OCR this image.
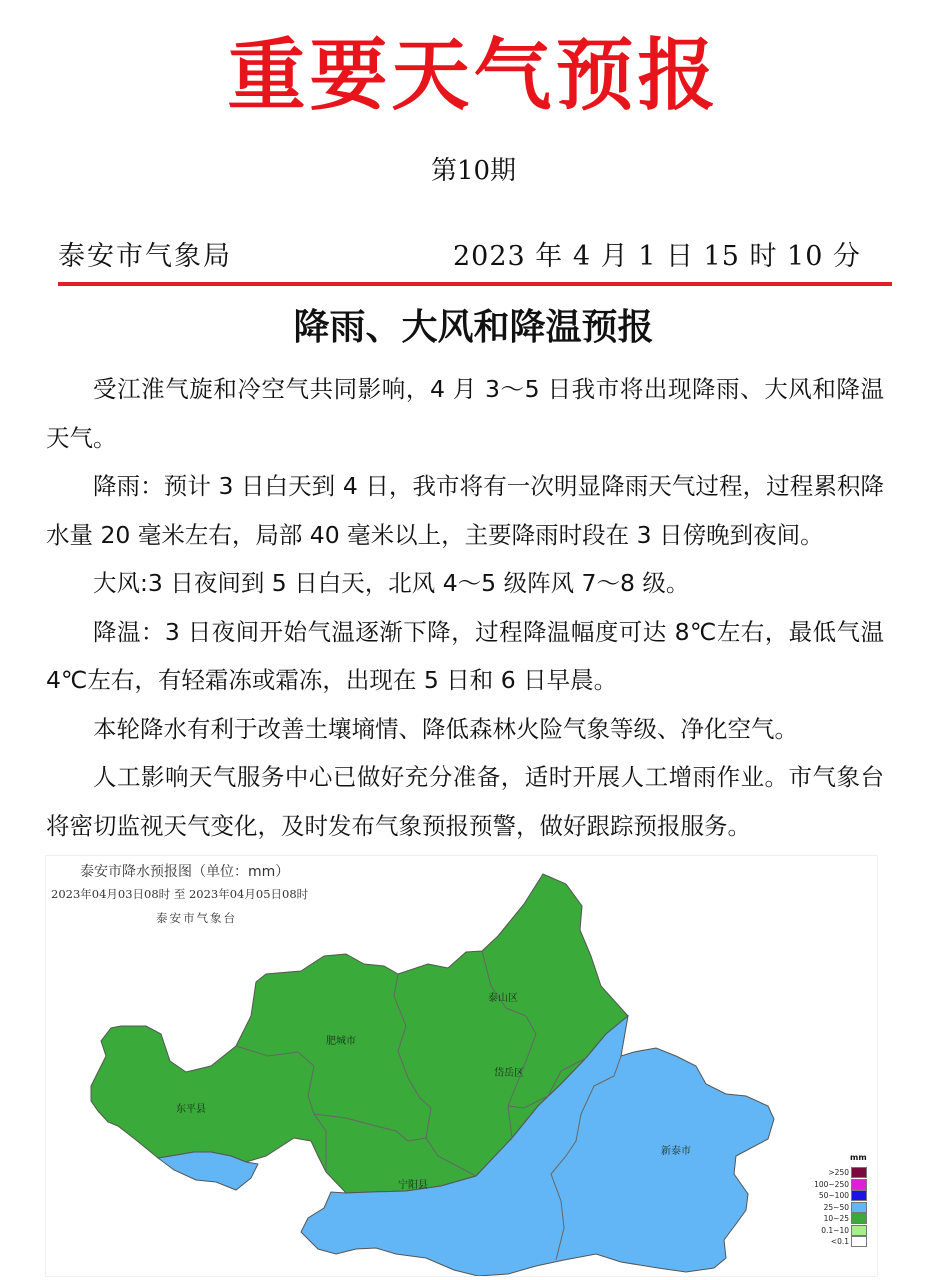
重要天气预报
第10期
泰安市气象局	2023 年 4 月 1 日 15 时 10 分
降雨、大风和降温预报

受江淮气旋和冷空气共同影响，4 月 3～5 日我市将出现降雨、大风和降温天气。

降雨：预计 3 日白天到 4 日，我市将有一次明显降雨天气过程，过程累积降水量 20 毫米左右，局部 40 毫米以上，主要降雨时段在 3 日傍晚到夜间。

大风:3 日夜间到 5 日白天，北风 4～5 级阵风 7～8 级。

降温：3 日夜间开始气温逐渐下降，过程降温幅度可达 8℃左右，最低气温 4℃左右，有轻霜冻或霜冻，出现在 5 日和 6 日早晨。

本轮降水有利于改善土壤墒情、降低森林火险气象等级、净化空气。

人工影响天气服务中心已做好充分准备，适时开展人工增雨作业。市气象台将密切监视天气变化，及时发布气象预报预警，做好跟踪预报服务。

泰安市降水预报图（单位：mm）
2023年04月03日08时 至 2023年04月05日08时
泰安市气象台
东平县
肥城市
泰山区
岱岳区
宁阳县
新泰市
mm
>250
100~250
50~100
25~50
10~25
0.1~10
<0.1
